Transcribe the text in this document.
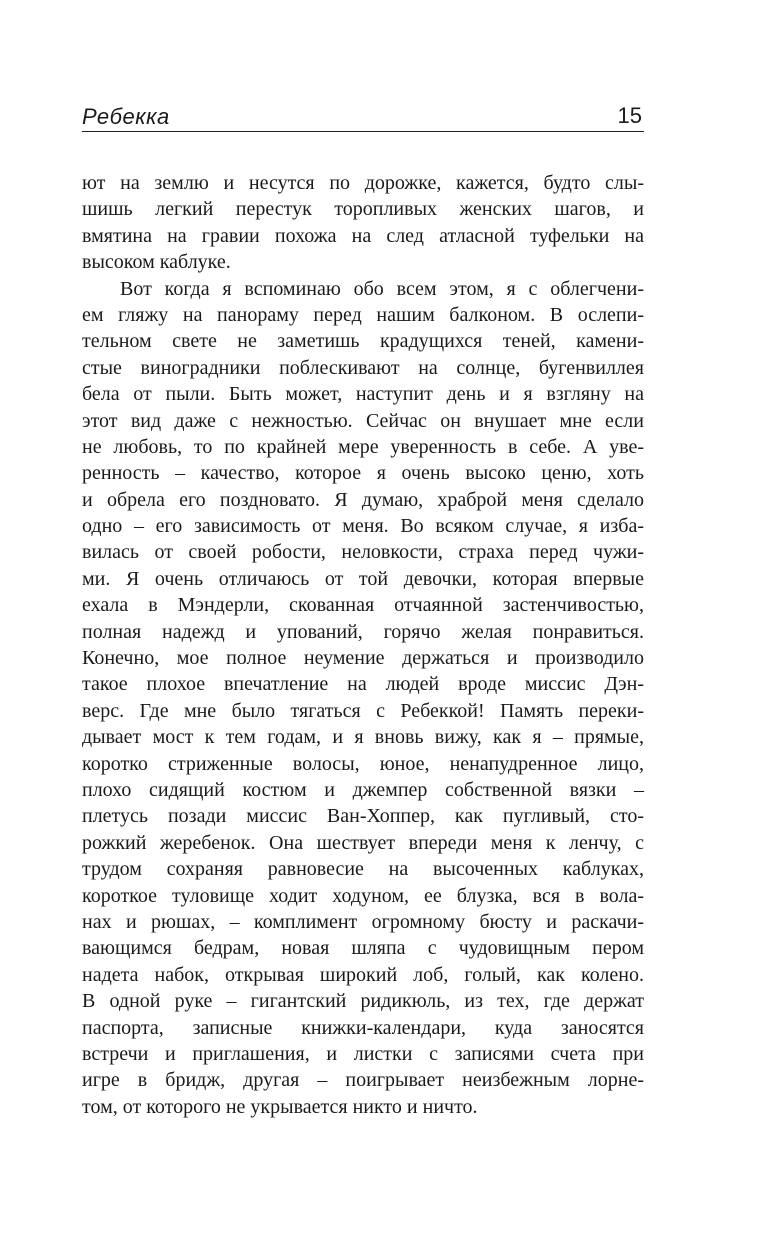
Ребекка	15
ют на землю и несутся по дорожке, кажется, будто слы-
шишь легкий перестук торопливых женских шагов, и
вмятина на гравии похожа на след атласной туфельки на
высоком каблуке.
Вот когда я вспоминаю обо всем этом, я с облегчени-
ем гляжу на панораму перед нашим балконом. В ослепи-
тельном свете не заметишь крадущихся теней, камени-
стые виноградники поблескивают на солнце, бугенвиллея
бела от пыли. Быть может, наступит день и я взгляну на
этот вид даже с нежностью. Сейчас он внушает мне если
не любовь, то по крайней мере уверенность в себе. А уве-
ренность – качество, которое я очень высоко ценю, хоть
и обрела его поздновато. Я думаю, храброй меня сделало
одно – его зависимость от меня. Во всяком случае, я изба-
вилась от своей робости, неловкости, страха перед чужи-
ми. Я очень отличаюсь от той девочки, которая впервые
ехала в Мэндерли, скованная отчаянной застенчивостью,
полная надежд и упований, горячо желая понравиться.
Конечно, мое полное неумение держаться и производило
такое плохое впечатление на людей вроде миссис Дэн-
верс. Где мне было тягаться с Ребеккой! Память переки-
дывает мост к тем годам, и я вновь вижу, как я – прямые,
коротко стриженные волосы, юное, ненапудренное лицо,
плохо сидящий костюм и джемпер собственной вязки –
плетусь позади миссис Ван-Хоппер, как пугливый, сто-
рожкий жеребенок. Она шествует впереди меня к ленчу, с
трудом сохраняя равновесие на высоченных каблуках,
короткое туловище ходит ходуном, ее блузка, вся в вола-
нах и рюшах, – комплимент огромному бюсту и раскачи-
вающимся бедрам, новая шляпа с чудовищным пером
надета набок, открывая широкий лоб, голый, как колено.
В одной руке – гигантский ридикюль, из тех, где держат
паспорта, записные книжки-календари, куда заносятся
встречи и приглашения, и листки с записями счета при
игре в бридж, другая – поигрывает неизбежным лорне-
том, от которого не укрывается никто и ничто.
